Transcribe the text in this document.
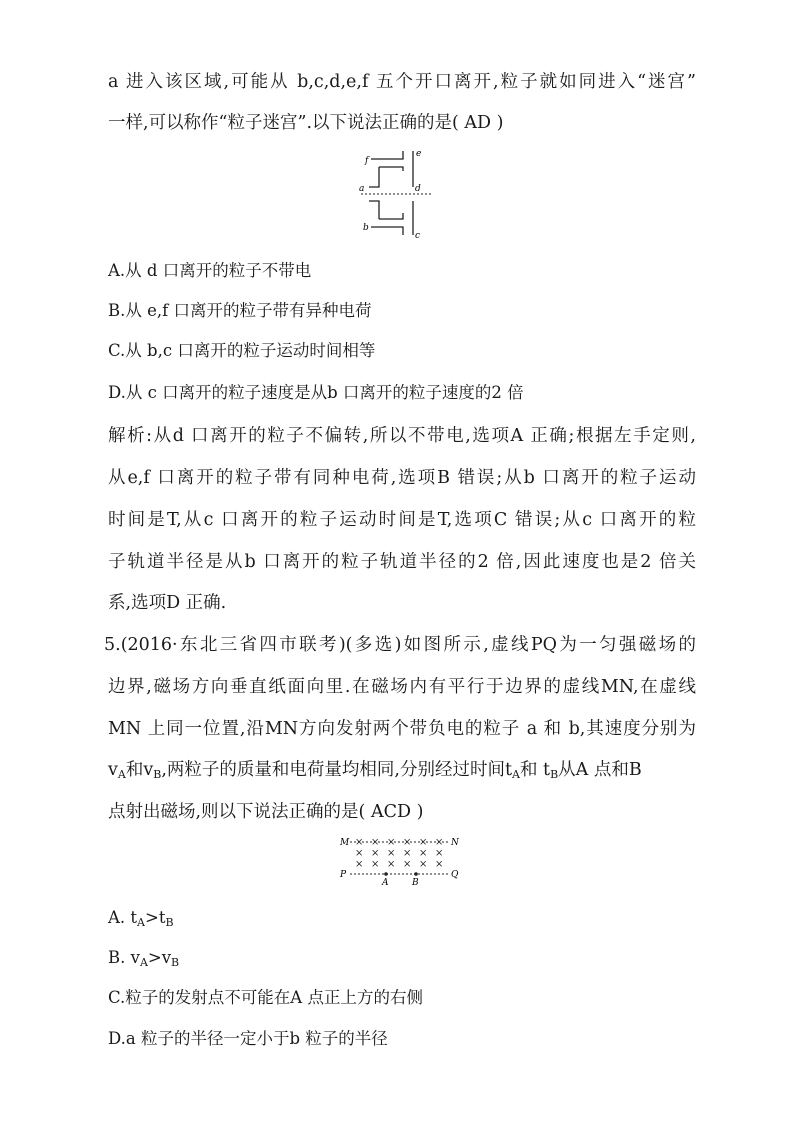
a 进入该区域,可能从 b,c,d,e,f 五个开口离开,粒子就如同进入“迷宫”
一样,可以称作“粒子迷宫”.以下说法正确的是( AD )
f
e
a	d
b
c
A.从 d 口离开的粒子不带电
B.从 e,f 口离开的粒子带有异种电荷
C.从 b,c 口离开的粒子运动时间相等
D.从 c 口离开的粒子速度是从b 口离开的粒子速度的2 倍
解析:从d 口离开的粒子不偏转,所以不带电,选项A 正确;根据左手定则,
从e,f 口离开的粒子带有同种电荷,选项B 错误;从b 口离开的粒子运动
时间是T,从c 口离开的粒子运动时间是T,选项C 错误;从c 口离开的粒
子轨道半径是从b 口离开的粒子轨道半径的2 倍,因此速度也是2 倍关
系,选项D 正确.
5.(2016·东北三省四市联考)(多选)如图所示,虚线PQ为一匀强磁场的
边界,磁场方向垂直纸面向里.在磁场内有平行于边界的虚线MN,在虚线
MN 上同一位置,沿MN方向发射两个带负电的粒子 a 和 b,其速度分别为
$v_A$和$v_B$,两粒子的质量和电荷量均相同,分别经过时间$t_A$和 $t_B$从A 点和B
点射出磁场,则以下说法正确的是( ACD )
× × × × × ×
× × × × × ×
× × × × × ×
M	N
P	Q
A	B
A. $t_A>t_B$
B. $v_A>v_B$
C.粒子的发射点不可能在A 点正上方的右侧
D.a 粒子的半径一定小于b 粒子的半径
